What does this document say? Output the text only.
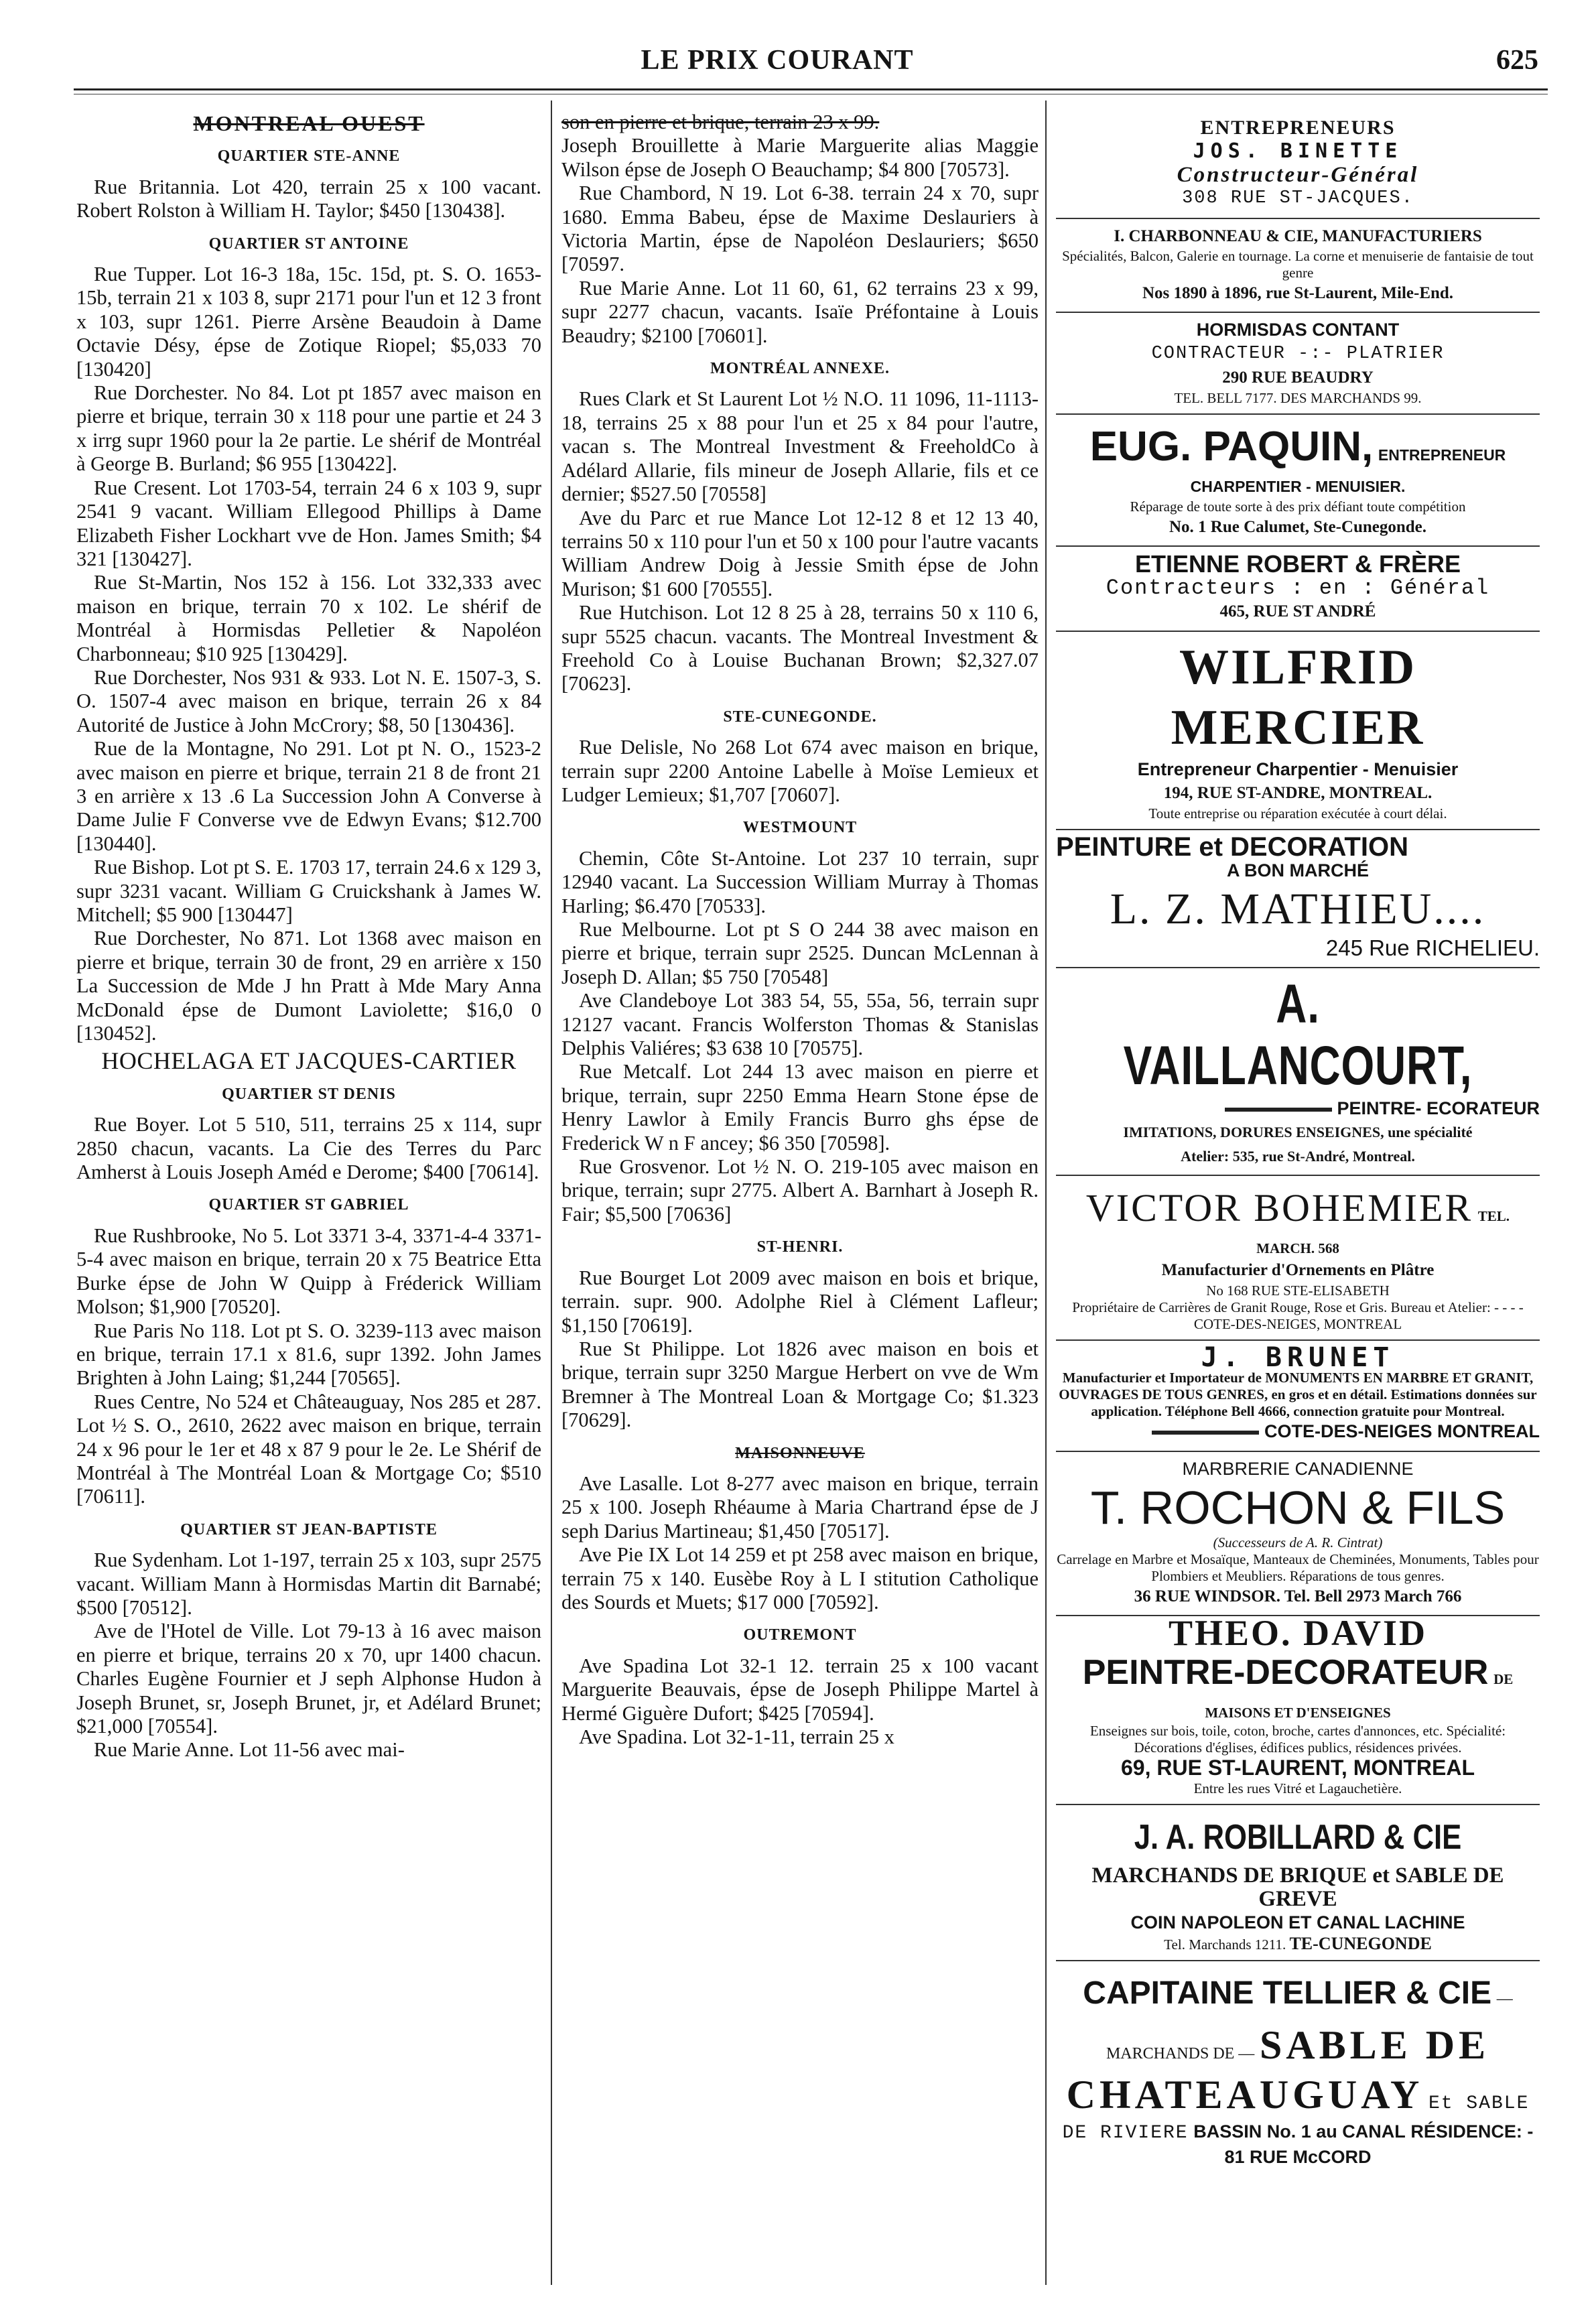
LE PRIX COURANT	625
MONTREAL OUEST
QUARTIER STE-ANNE

Rue Britannia. Lot 420, terrain 25 x 100 vacant. Robert Rolston à William H. Taylor; $450 [130438].

QUARTIER ST ANTOINE

Rue Tupper. Lot 16-3 18a, 15c. 15d, pt. S. O. 1653-15b, terrain 21 x 103 8, supr 2171 pour l'un et 12 3 front x 103, supr 1261. Pierre Arsène Beaudoin à Dame Octavie Désy, épse de Zotique Riopel; $5,033 70 [130420]

Rue Dorchester. No 84. Lot pt 1857 avec maison en pierre et brique, terrain 30 x 118 pour une partie et 24 3 x irrg supr 1960 pour la 2e partie. Le shérif de Montréal à George B. Burland; $6 955 [130422].

Rue Cresent. Lot 1703-54, terrain 24 6 x 103 9, supr 2541 9 vacant. William Ellegood Phillips à Dame Elizabeth Fisher Lockhart vve de Hon. James Smith; $4 321 [130427].

Rue St-Martin, Nos 152 à 156. Lot 332,333 avec maison en brique, terrain 70 x 102. Le shérif de Montréal à Hormisdas Pelletier & Napoléon Charbonneau; $10 925 [130429].

Rue Dorchester, Nos 931 & 933. Lot N. E. 1507-3, S. O. 1507-4 avec maison en brique, terrain 26 x 84 Autorité de Justice à John McCrory; $8, 50 [130436].

Rue de la Montagne, No 291. Lot pt N. O., 1523-2 avec maison en pierre et brique, terrain 21 8 de front 21 3 en arrière x 13 .6 La Succession John A Converse à Dame Julie F Converse vve de Edwyn Evans; $12.700 [130440].

Rue Bishop. Lot pt S. E. 1703 17, terrain 24.6 x 129 3, supr 3231 vacant. William G Cruickshank à James W. Mitchell; $5 900 [130447]

Rue Dorchester, No 871. Lot 1368 avec maison en pierre et brique, terrain 30 de front, 29 en arrière x 150 La Succession de Mde J hn Pratt à Mde Mary Anna McDonald épse de Dumont Laviolette; $16,0 0 [130452].

HOCHELAGA ET JACQUES-CARTIER
QUARTIER ST DENIS

Rue Boyer. Lot 5 510, 511, terrains 25 x 114, supr 2850 chacun, vacants. La Cie des Terres du Parc Amherst à Louis Joseph Améd e Derome; $400 [70614].

QUARTIER ST GABRIEL

Rue Rushbrooke, No 5. Lot 3371 3-4, 3371-4-4 3371-5-4 avec maison en brique, terrain 20 x 75 Beatrice Etta Burke épse de John W Quipp à Fréderick William Molson; $1,900 [70520].

Rue Paris No 118. Lot pt S. O. 3239-113 avec maison en brique, terrain 17.1 x 81.6, supr 1392. John James Brighten à John Laing; $1,244 [70565].

Rues Centre, No 524 et Châteauguay, Nos 285 et 287. Lot ½ S. O., 2610, 2622 avec maison en brique, terrain 24 x 96 pour le 1er et 48 x 87 9 pour le 2e. Le Shérif de Montréal à The Montréal Loan & Mortgage Co; $510 [70611].

QUARTIER ST JEAN-BAPTISTE

Rue Sydenham. Lot 1-197, terrain 25 x 103, supr 2575 vacant. William Mann à Hormisdas Martin dit Barnabé; $500 [70512].

Ave de l'Hotel de Ville. Lot 79-13 à 16 avec maison en pierre et brique, terrains 20 x 70, upr 1400 chacun. Charles Eugène Fournier et J seph Alphonse Hudon à Joseph Brunet, sr, Joseph Brunet, jr, et Adélard Brunet; $21,000 [70554].

Rue Marie Anne. Lot 11-56 avec mai-

son en pierre et brique, terrain 23 x 99.

Joseph Brouillette à Marie Marguerite alias Maggie Wilson épse de Joseph O Beauchamp; $4 800 [70573].

Rue Chambord, N 19. Lot 6-38. terrain 24 x 70, supr 1680. Emma Babeu, épse de Maxime Deslauriers à Victoria Martin, épse de Napoléon Deslauriers; $650 [70597.

Rue Marie Anne. Lot 11 60, 61, 62 terrains 23 x 99, supr 2277 chacun, vacants. Isaïe Préfontaine à Louis Beaudry; $2100 [70601].

MONTRÉAL ANNEXE.

Rues Clark et St Laurent Lot ½ N.O. 11 1096, 11-1113-18, terrains 25 x 88 pour l'un et 25 x 84 pour l'autre, vacan s. The Montreal Investment & FreeholdCo à Adélard Allarie, fils mineur de Joseph Allarie, fils et ce dernier; $527.50 [70558]

Ave du Parc et rue Mance Lot 12-12 8 et 12 13 40, terrains 50 x 110 pour l'un et 50 x 100 pour l'autre vacants William Andrew Doig à Jessie Smith épse de John Murison; $1 600 [70555].

Rue Hutchison. Lot 12 8 25 à 28, terrains 50 x 110 6, supr 5525 chacun. vacants. The Montreal Investment & Freehold Co à Louise Buchanan Brown; $2,327.07 [70623].

STE-CUNEGONDE.

Rue Delisle, No 268 Lot 674 avec maison en brique, terrain supr 2200 Antoine Labelle à Moïse Lemieux et Ludger Lemieux; $1,707 [70607].

WESTMOUNT

Chemin, Côte St-Antoine. Lot 237 10 terrain, supr 12940 vacant. La Succession William Murray à Thomas Harling; $6.470 [70533].

Rue Melbourne. Lot pt S O 244 38 avec maison en pierre et brique, terrain supr 2525. Duncan McLennan à Joseph D. Allan; $5 750 [70548]

Ave Clandeboye Lot 383 54, 55, 55a, 56, terrain supr 12127 vacant. Francis Wolferston Thomas & Stanislas Delphis Valiéres; $3 638 10 [70575].

Rue Metcalf. Lot 244 13 avec maison en pierre et brique, terrain, supr 2250 Emma Hearn Stone épse de Henry Lawlor à Emily Francis Burro ghs épse de Frederick W n F ancey; $6 350 [70598].

Rue Grosvenor. Lot ½ N. O. 219-105 avec maison en brique, terrain; supr 2775. Albert A. Barnhart à Joseph R. Fair; $5,500 [70636]

ST-HENRI.

Rue Bourget Lot 2009 avec maison en bois et brique, terrain. supr. 900. Adolphe Riel à Clément Lafleur; $1,150 [70619].

Rue St Philippe. Lot 1826 avec maison en bois et brique, terrain supr 3250 Margue Herbert on vve de Wm Bremner à The Montreal Loan & Mortgage Co; $1.323 [70629].

MAISONNEUVE

Ave Lasalle. Lot 8-277 avec maison en brique, terrain 25 x 100. Joseph Rhéaume à Maria Chartrand épse de J seph Darius Martineau; $1,450 [70517].

Ave Pie IX Lot 14 259 et pt 258 avec maison en brique, terrain 75 x 140. Eusèbe Roy à L I stitution Catholique des Sourds et Muets; $17 000 [70592].

OUTREMONT

Ave Spadina Lot 32-1 12. terrain 25 x 100 vacant Marguerite Beauvais, épse de Joseph Philippe Martel à Hermé Giguère Dufort; $425 [70594].

Ave Spadina. Lot 32-1-11, terrain 25 x

ENTREPRENEURS
JOS. BINETTE
Constructeur-Général
308 RUE ST-JACQUES.
I. CHARBONNEAU & CIE, MANUFACTURIERS
Spécialités, Balcon, Galerie en tournage. La corne et menuiserie de fantaisie de tout genre
Nos 1890 à 1896, rue St-Laurent, Mile-End.
HORMISDAS CONTANT
CONTRACTEUR -:- PLATRIER
290 RUE BEAUDRY
TEL. BELL 7177. DES MARCHANDS 99.
EUG. PAQUIN, ENTREPRENEUR CHARPENTIER - MENUISIER.
Réparage de toute sorte à des prix défiant toute compétition
No. 1 Rue Calumet, Ste-Cunegonde.
ETIENNE ROBERT & FRÈRE
Contracteurs : en : Général
465, RUE ST ANDRÉ
WILFRID MERCIER
Entrepreneur Charpentier - Menuisier
194, RUE ST-ANDRE, MONTREAL.
Toute entreprise ou réparation exécutée à court délai.
PEINTURE et DECORATION
A BON MARCHÉ
L. Z. MATHIEU....
245 Rue RICHELIEU.
A. VAILLANCOURT,
PEINTRE- ECORATEUR
IMITATIONS, DORURES ENSEIGNES, une spécialité
Atelier: 535, rue St-André, Montreal.
VICTOR BOHEMIER TEL. MARCH. 568
Manufacturier d'Ornements en Plâtre
No 168 RUE STE-ELISABETH
Propriétaire de Carrières de Granit Rouge, Rose et Gris. Bureau et Atelier: - - - - COTE-DES-NEIGES, MONTREAL
J. BRUNET
Manufacturier et Importateur de MONUMENTS EN MARBRE ET GRANIT, OUVRAGES DE TOUS GENRES, en gros et en détail. Estimations données sur application. Téléphone Bell 4666, connection gratuite pour Montreal.
COTE-DES-NEIGES MONTREAL
MARBRERIE CANADIENNE
T. ROCHON & FILS
(Successeurs de A. R. Cintrat)
Carrelage en Marbre et Mosaïque, Manteaux de Cheminées, Monuments, Tables pour Plombiers et Meubliers. Réparations de tous genres.
36 RUE WINDSOR. Tel. Bell 2973 March 766
THEO. DAVID
PEINTRE-DECORATEUR DE MAISONS ET D'ENSEIGNES
Enseignes sur bois, toile, coton, broche, cartes d'annonces, etc. Spécialité: Décorations d'églises, édifices publics, résidences privées.
69, RUE ST-LAURENT, MONTREAL
Entre les rues Vitré et Lagauchetière.
J. A. ROBILLARD & CIE
MARCHANDS DE BRIQUE et SABLE DE GREVE
COIN NAPOLEON ET CANAL LACHINE
Tel. Marchands 1211. TE-CUNEGONDE
CAPITAINE TELLIER & CIE — MARCHANDS DE — SABLE DE CHATEAUGUAY Et SABLE DE RIVIERE BASSIN No. 1 au CANAL RÉSIDENCE: - 81 RUE McCORD
